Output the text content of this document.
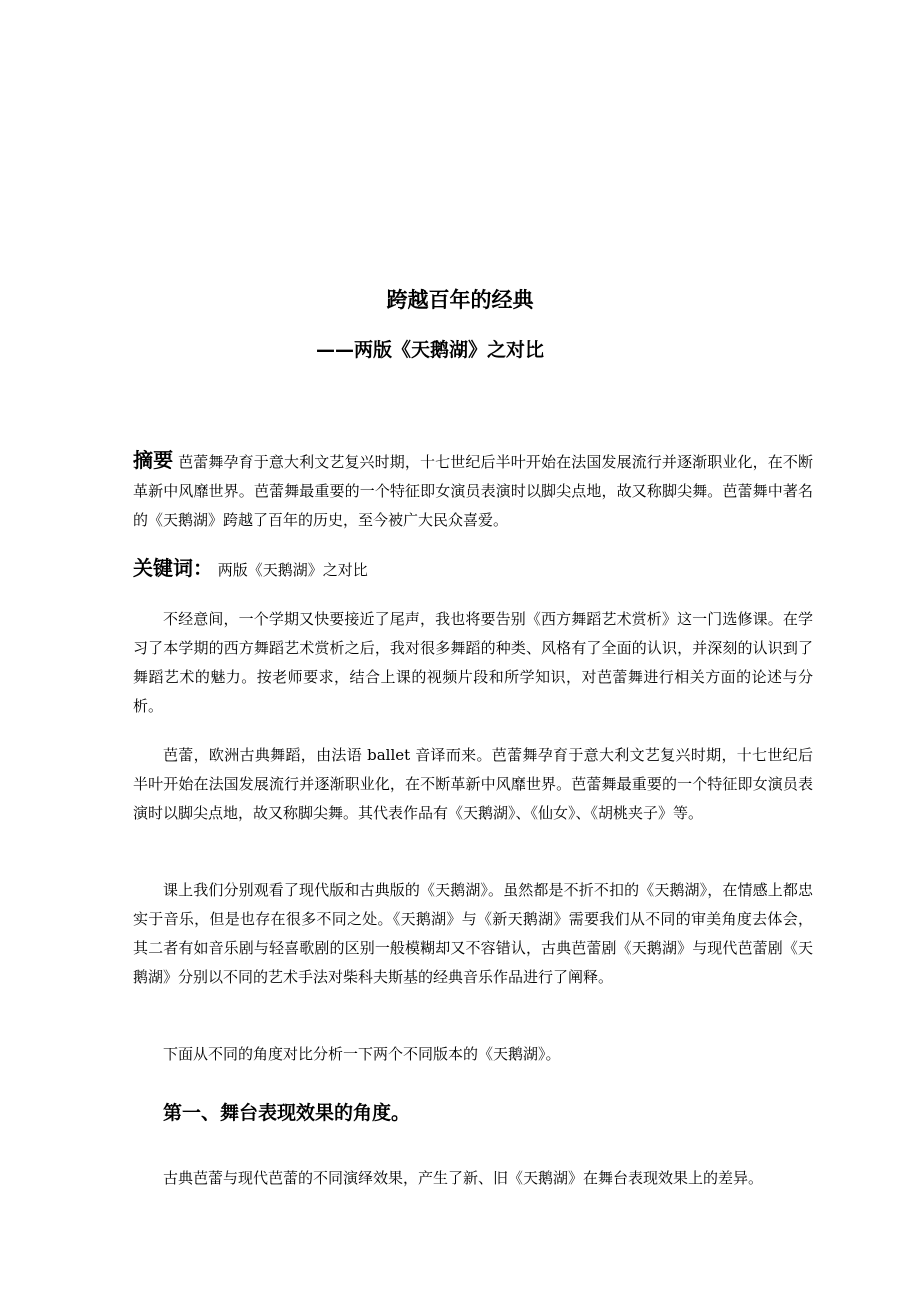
跨越百年的经典
——两版《天鹅湖》之对比
摘要 芭蕾舞孕育于意大利文艺复兴时期，十七世纪后半叶开始在法国发展流行并逐渐职业化，在不断革新中风靡世界。芭蕾舞最重要的一个特征即女演员表演时以脚尖点地，故又称脚尖舞。芭蕾舞中著名的《天鹅湖》跨越了百年的历史，至今被广大民众喜爱。
关键词： 两版《天鹅湖》之对比
不经意间，一个学期又快要接近了尾声，我也将要告别《西方舞蹈艺术赏析》这一门选修课。在学习了本学期的西方舞蹈艺术赏析之后，我对很多舞蹈的种类、风格有了全面的认识，并深刻的认识到了舞蹈艺术的魅力。按老师要求，结合上课的视频片段和所学知识，对芭蕾舞进行相关方面的论述与分析。
芭蕾，欧洲古典舞蹈，由法语 ballet 音译而来。芭蕾舞孕育于意大利文艺复兴时期，十七世纪后半叶开始在法国发展流行并逐渐职业化，在不断革新中风靡世界。芭蕾舞最重要的一个特征即女演员表演时以脚尖点地，故又称脚尖舞。其代表作品有《天鹅湖》、《仙女》、《胡桃夹子》等。
课上我们分别观看了现代版和古典版的《天鹅湖》。虽然都是不折不扣的《天鹅湖》，在情感上都忠实于音乐，但是也存在很多不同之处。《天鹅湖》与《新天鹅湖》需要我们从不同的审美角度去体会，其二者有如音乐剧与轻喜歌剧的区别一般模糊却又不容错认，古典芭蕾剧《天鹅湖》与现代芭蕾剧《天鹅湖》分别以不同的艺术手法对柴科夫斯基的经典音乐作品进行了阐释。
下面从不同的角度对比分析一下两个不同版本的《天鹅湖》。
第一、舞台表现效果的角度。
古典芭蕾与现代芭蕾的不同演绎效果，产生了新、旧《天鹅湖》在舞台表现效果上的差异。
